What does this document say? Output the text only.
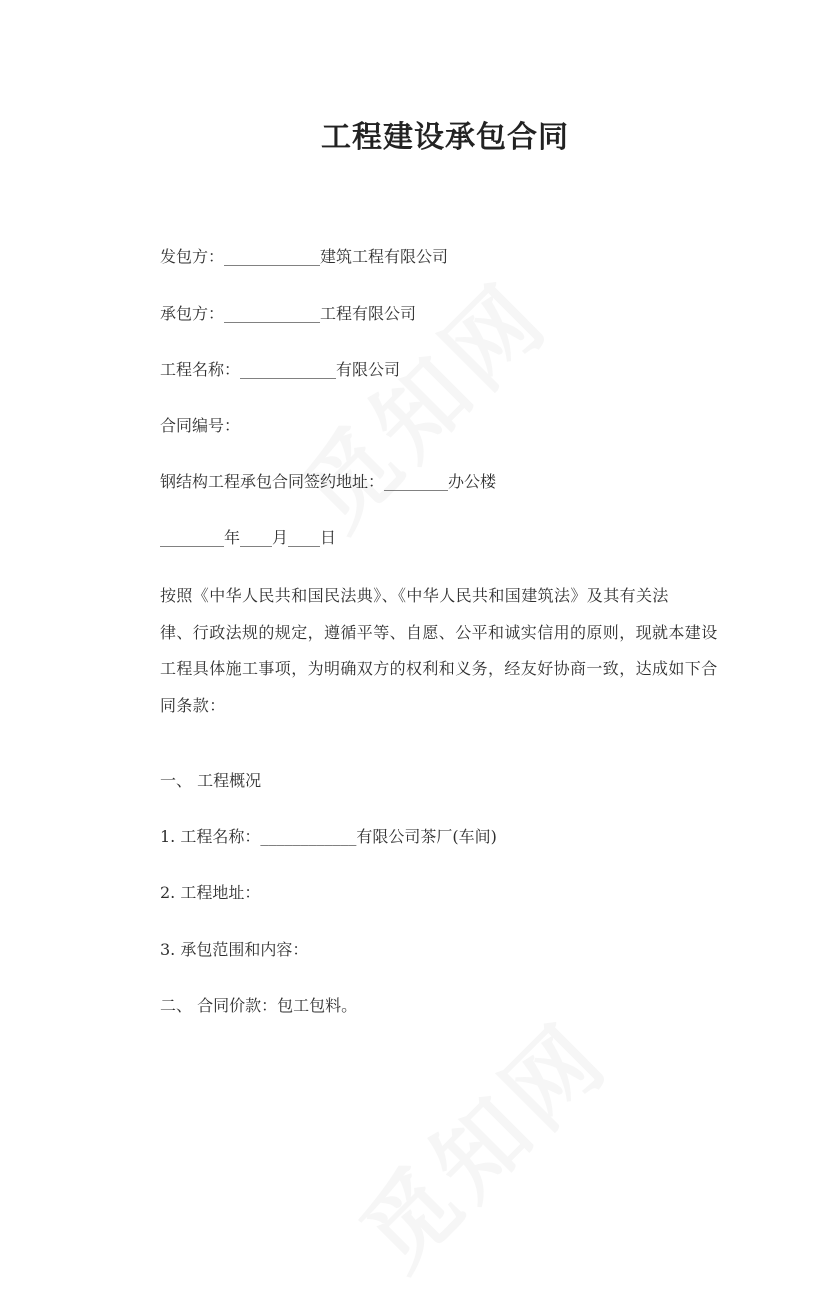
工程建设承包合同
发包方：____________建筑工程有限公司
承包方：____________工程有限公司
工程名称：____________有限公司
合同编号：
钢结构工程承包合同签约地址：________办公楼
________年____月____日
按照《中华人民共和国民法典》、《中华人民共和国建筑法》及其有关法
律、行政法规的规定，遵循平等、自愿、公平和诚实信用的原则，现就本建设
工程具体施工事项，为明确双方的权利和义务，经友好协商一致，达成如下合
同条款：
一、 工程概况
1. 工程名称：____________有限公司茶厂(车间)
2. 工程地址：
3. 承包范围和内容：
二、 合同价款：包工包料。
